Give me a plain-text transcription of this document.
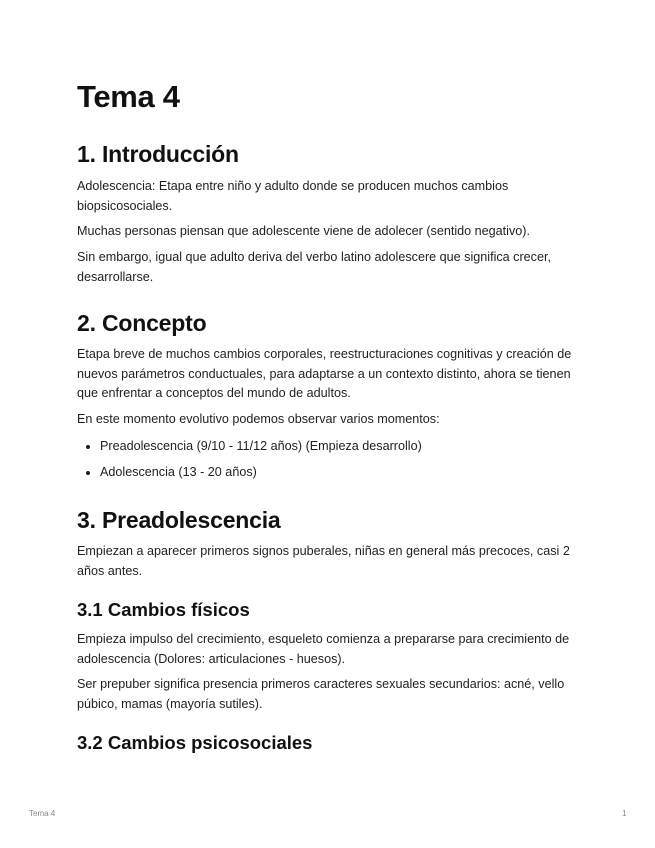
Tema 4
1. Introducción

Adolescencia: Etapa entre niño y adulto donde se producen muchos cambios biopsicosociales.

Muchas personas piensan que adolescente viene de adolecer (sentido negativo).

Sin embargo, igual que adulto deriva del verbo latino adolescere que significa crecer, desarrollarse.

2. Concepto

Etapa breve de muchos cambios corporales, reestructuraciones cognitivas y creación de nuevos parámetros conductuales, para adaptarse a un contexto distinto, ahora se tienen que enfrentar a conceptos del mundo de adultos.

En este momento evolutivo podemos observar varios momentos:

Preadolescencia (9/10 - 11/12 años) (Empieza desarrollo)
Adolescencia (13 - 20 años)
3. Preadolescencia

Empiezan a aparecer primeros signos puberales, niñas en general más precoces, casi 2 años antes.

3.1 Cambios físicos

Empieza impulso del crecimiento, esqueleto comienza a prepararse para crecimiento de adolescencia (Dolores: articulaciones - huesos).

Ser prepuber significa presencia primeros caracteres sexuales secundarios: acné, vello púbico, mamas (mayoría sutiles).

3.2 Cambios psicosociales
Tema 4	1
